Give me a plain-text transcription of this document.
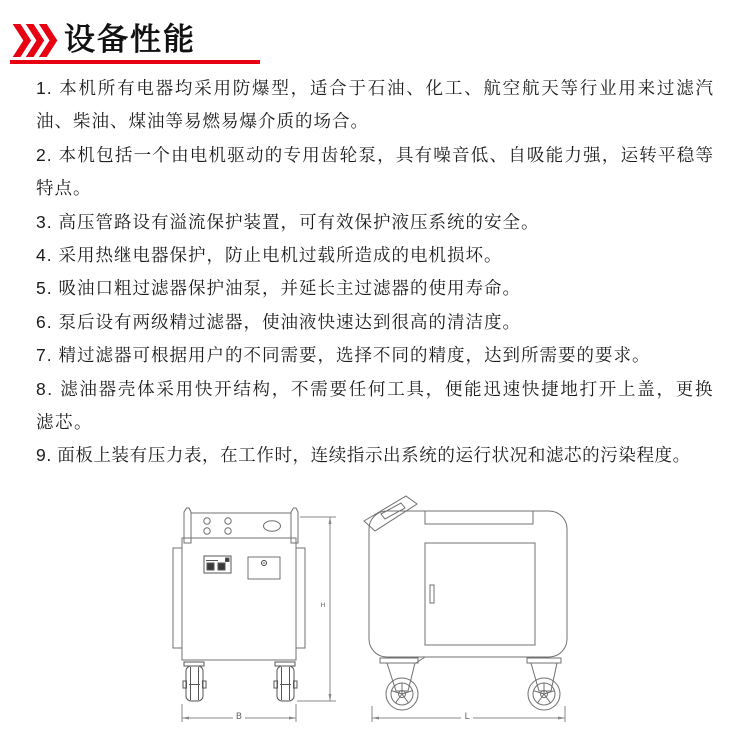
设备性能

1. 本机所有电器均采用防爆型，适合于石油、化工、航空航天等行业用来过滤汽油、柴油、煤油等易燃易爆介质的场合。

2. 本机包括一个由电机驱动的专用齿轮泵，具有噪音低、自吸能力强，运转平稳等特点。

3. 高压管路设有溢流保护装置，可有效保护液压系统的安全。

4. 采用热继电器保护，防止电机过载所造成的电机损坏。

5. 吸油口粗过滤器保护油泵，并延长主过滤器的使用寿命。

6. 泵后设有两级精过滤器，使油液快速达到很高的清洁度。

7. 精过滤器可根据用户的不同需要，选择不同的精度，达到所需要的要求。

8. 滤油器壳体采用快开结构，不需要任何工具，便能迅速快捷地打开上盖，更换滤芯。

9. 面板上装有压力表，在工作时，连续指示出系统的运行状况和滤芯的污染程度。

H
B	L
